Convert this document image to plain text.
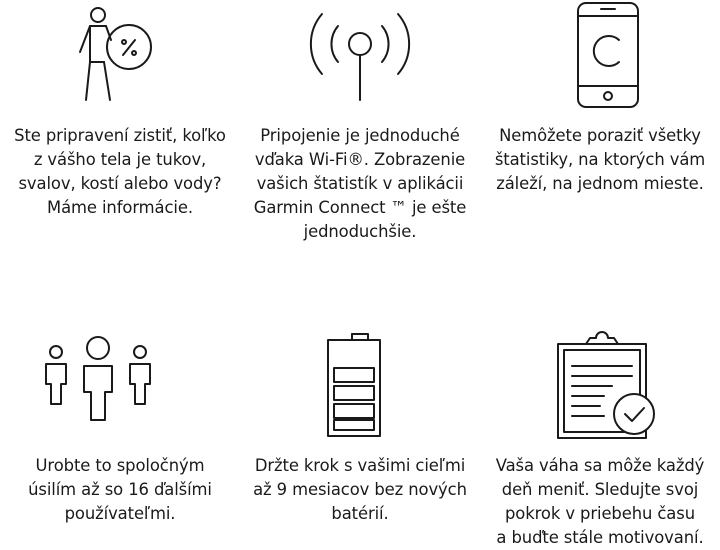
Ste pripravení zistiť, koľko
z vášho tela je tukov,
svalov, kostí alebo vody?
Máme informácie.

Pripojenie je jednoduché
vďaka Wi-Fi®. Zobrazenie
vašich štatistík v aplikácii
Garmin Connect ™ je ešte
jednoduchšie.

Nemôžete poraziť všetky
štatistiky, na ktorých vám
záleží, na jednom mieste.

Urobte to spoločným
úsilím až so 16 ďalšími
používateľmi.

Držte krok s vašimi cieľmi
až 9 mesiacov bez nových
batérií.

Vaša váha sa môže každý
deň meniť. Sledujte svoj
pokrok v priebehu času
a buďte stále motivovaní.
